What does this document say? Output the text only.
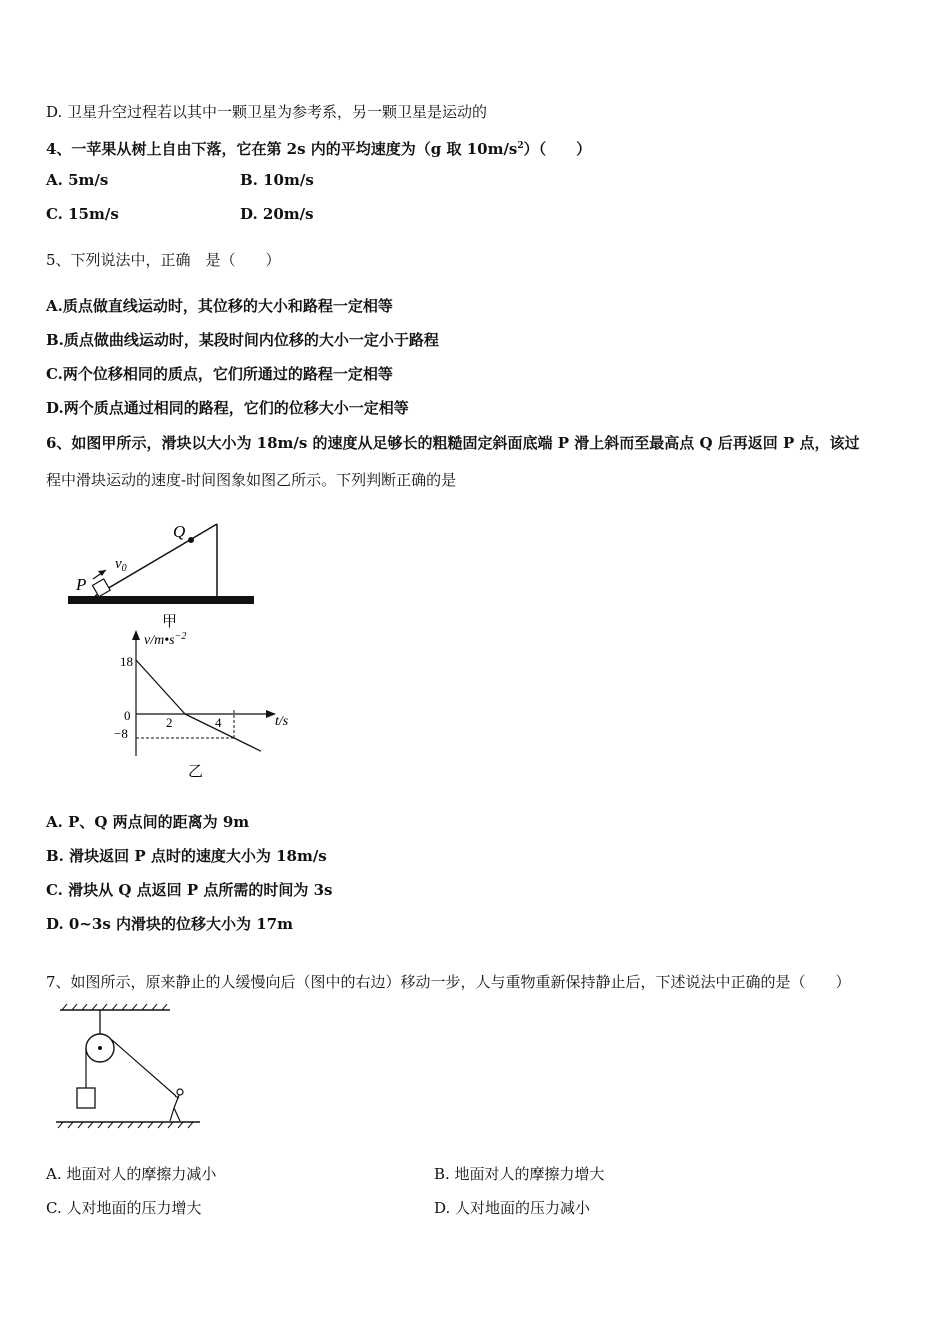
D. 卫星升空过程若以其中一颗卫星为参考系，另一颗卫星是运动的
4、一苹果从树上自由下落，它在第 2s 内的平均速度为（g 取 $10m/s^2$）（　　）
A. 5m/s	B. 10m/s
C. 15m/s	D. 20m/s
5、下列说法中，正确　是（　　）
A.质点做直线运动时，其位移的大小和路程一定相等
B.质点做曲线运动时，某段时间内位移的大小一定小于路程
C.两个位移相同的质点，它们所通过的路程一定相等
D.两个质点通过相同的路程，它们的位移大小一定相等
6、如图甲所示，滑块以大小为 18m/s 的速度从足够长的粗糙固定斜面底端 P 滑上斜而至最高点 Q 后再返回 P 点，该过
程中滑块运动的速度-时间图象如图乙所示。下列判断正确的是
Q
P
$v_0$
甲
$v/m•s^{-2}$
t/s
18
0
−8
2	4
乙
A. P、Q 两点间的距离为 9m
B. 滑块返回 P 点时的速度大小为 18m/s
C. 滑块从 Q 点返回 P 点所需的时间为 3s
D. 0~3s 内滑块的位移大小为 17m
7、如图所示，原来静止的人缓慢向后（图中的右边）移动一步，人与重物重新保持静止后，下述说法中正确的是（　　）
A. 地面对人的摩擦力减小	B. 地面对人的摩擦力增大
C. 人对地面的压力增大	D. 人对地面的压力减小
